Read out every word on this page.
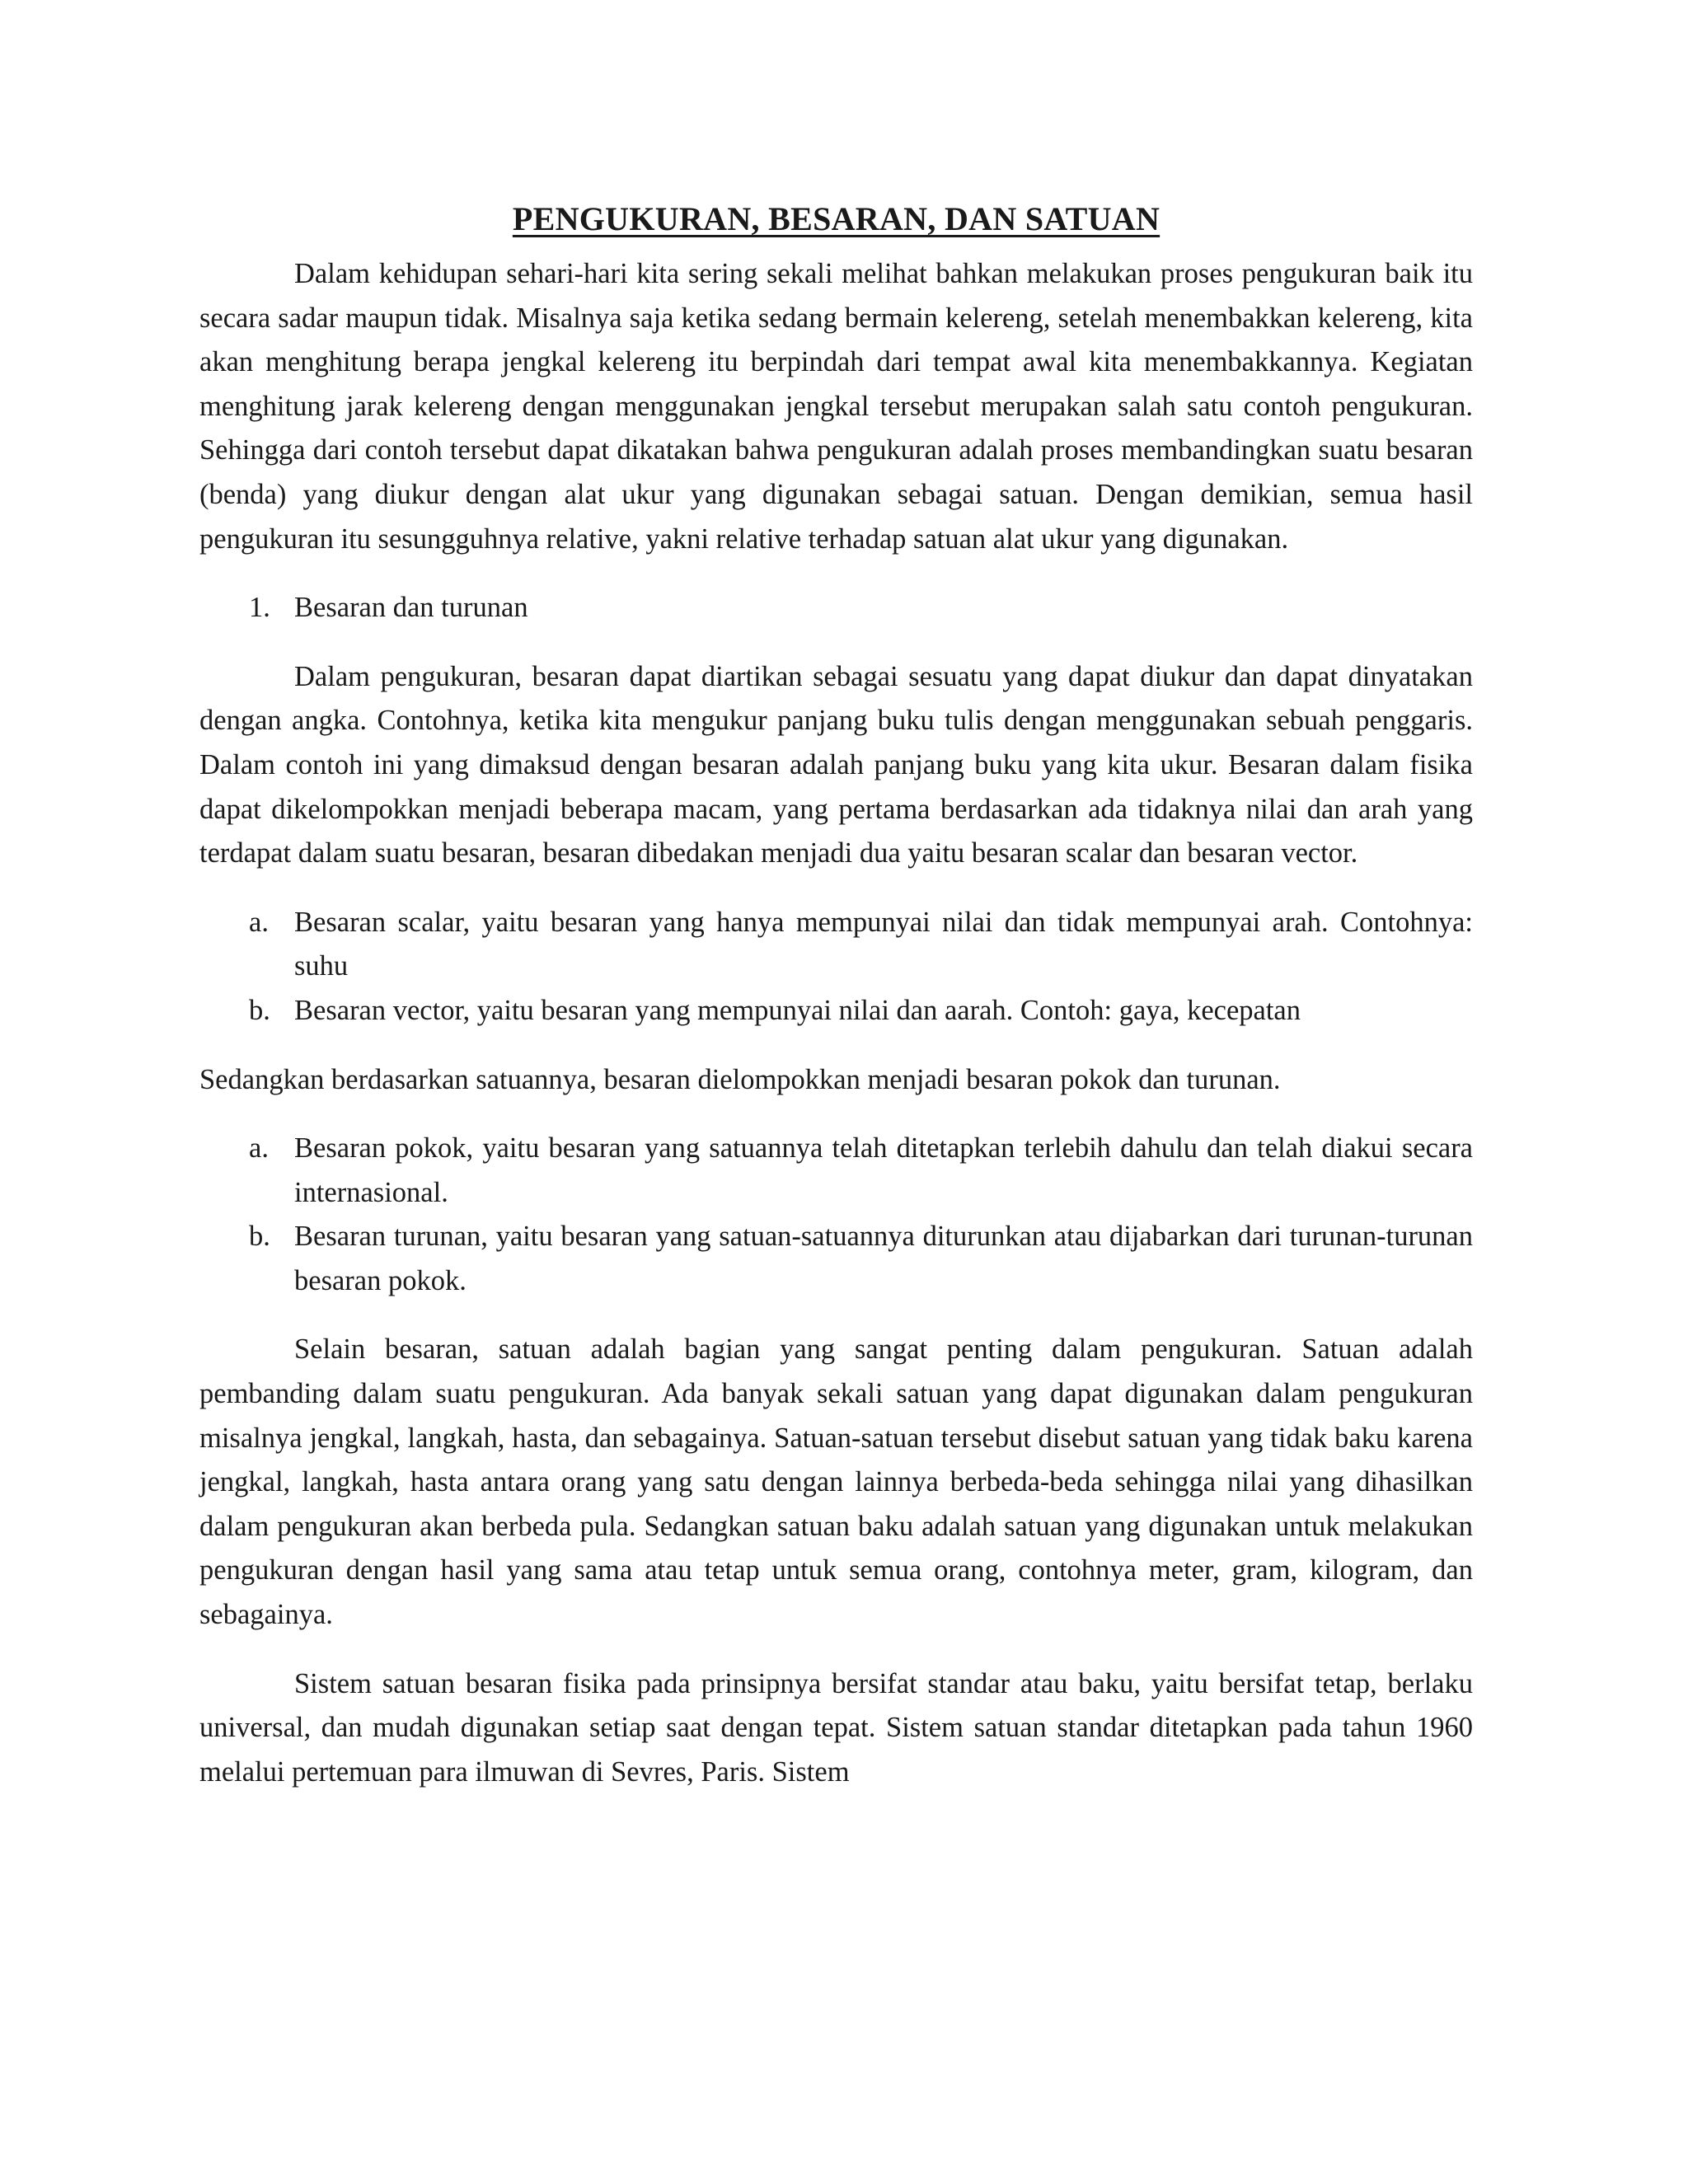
PENGUKURAN, BESARAN, DAN SATUAN

Dalam kehidupan sehari-hari kita sering sekali melihat bahkan melakukan proses pengukuran baik itu secara sadar maupun tidak. Misalnya saja ketika sedang bermain kelereng, setelah menembakkan kelereng, kita akan menghitung berapa jengkal kelereng itu berpindah dari tempat awal kita menembakkannya. Kegiatan menghitung jarak kelereng dengan menggunakan jengkal tersebut merupakan salah satu contoh pengukuran. Sehingga dari contoh tersebut dapat dikatakan bahwa pengukuran adalah proses membandingkan suatu besaran (benda) yang diukur dengan alat ukur yang digunakan sebagai satuan. Dengan demikian, semua hasil pengukuran itu sesungguhnya relative, yakni relative terhadap satuan alat ukur yang digunakan.

1. Besaran dan turunan

Dalam pengukuran, besaran dapat diartikan sebagai sesuatu yang dapat diukur dan dapat dinyatakan dengan angka. Contohnya, ketika kita mengukur panjang buku tulis dengan menggunakan sebuah penggaris. Dalam contoh ini yang dimaksud dengan besaran adalah panjang buku yang kita ukur. Besaran dalam fisika dapat dikelompokkan menjadi beberapa macam, yang pertama berdasarkan ada tidaknya nilai dan arah yang terdapat dalam suatu besaran, besaran dibedakan menjadi dua yaitu besaran scalar dan besaran vector.

a. Besaran scalar, yaitu besaran yang hanya mempunyai nilai dan tidak mempunyai arah. Contohnya: suhu
b. Besaran vector, yaitu besaran yang mempunyai nilai dan aarah. Contoh: gaya, kecepatan

Sedangkan berdasarkan satuannya, besaran dielompokkan menjadi besaran pokok dan turunan.

a. Besaran pokok, yaitu besaran yang satuannya telah ditetapkan terlebih dahulu dan telah diakui secara internasional.
b. Besaran turunan, yaitu besaran yang satuan-satuannya diturunkan atau dijabarkan dari turunan-turunan besaran pokok.

Selain besaran, satuan adalah bagian yang sangat penting dalam pengukuran. Satuan adalah pembanding dalam suatu pengukuran. Ada banyak sekali satuan yang dapat digunakan dalam pengukuran misalnya jengkal, langkah, hasta, dan sebagainya. Satuan-satuan tersebut disebut satuan yang tidak baku karena jengkal, langkah, hasta antara orang yang satu dengan lainnya berbeda-beda sehingga nilai yang dihasilkan dalam pengukuran akan berbeda pula. Sedangkan satuan baku adalah satuan yang digunakan untuk melakukan pengukuran dengan hasil yang sama atau tetap untuk semua orang, contohnya meter, gram, kilogram, dan sebagainya.

Sistem satuan besaran fisika pada prinsipnya bersifat standar atau baku, yaitu bersifat tetap, berlaku universal, dan mudah digunakan setiap saat dengan tepat. Sistem satuan standar ditetapkan pada tahun 1960 melalui pertemuan para ilmuwan di Sevres, Paris. Sistem
